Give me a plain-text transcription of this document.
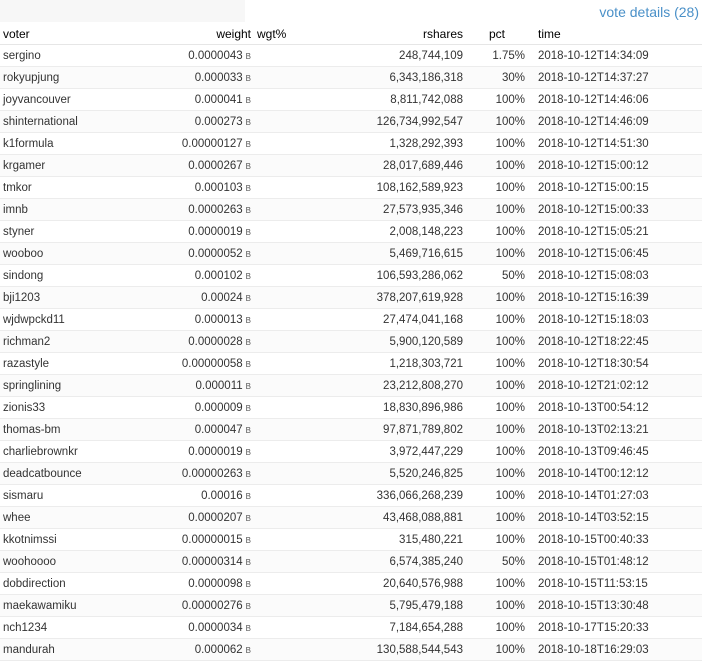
vote details (28)
voter	weight	wgt%	rshares	pct	time
sergino	0.0000043 B		248,744,109	1.75%	2018-10-12T14:34:09
rokyupjung	0.000033 B		6,343,186,318	30%	2018-10-12T14:37:27
joyvancouver	0.000041 B		8,811,742,088	100%	2018-10-12T14:46:06
shinternational	0.000273 B		126,734,992,547	100%	2018-10-12T14:46:09
k1formula	0.00000127 B		1,328,292,393	100%	2018-10-12T14:51:30
krgamer	0.0000267 B		28,017,689,446	100%	2018-10-12T15:00:12
tmkor	0.000103 B		108,162,589,923	100%	2018-10-12T15:00:15
imnb	0.0000263 B		27,573,935,346	100%	2018-10-12T15:00:33
styner	0.0000019 B		2,008,148,223	100%	2018-10-12T15:05:21
wooboo	0.0000052 B		5,469,716,615	100%	2018-10-12T15:06:45
sindong	0.000102 B		106,593,286,062	50%	2018-10-12T15:08:03
bji1203	0.00024 B		378,207,619,928	100%	2018-10-12T15:16:39
wjdwpckd11	0.000013 B		27,474,041,168	100%	2018-10-12T15:18:03
richman2	0.0000028 B		5,900,120,589	100%	2018-10-12T18:22:45
razastyle	0.00000058 B		1,218,303,721	100%	2018-10-12T18:30:54
springlining	0.000011 B		23,212,808,270	100%	2018-10-12T21:02:12
zionis33	0.000009 B		18,830,896,986	100%	2018-10-13T00:54:12
thomas-bm	0.000047 B		97,871,789,802	100%	2018-10-13T02:13:21
charliebrownkr	0.0000019 B		3,972,447,229	100%	2018-10-13T09:46:45
deadcatbounce	0.00000263 B		5,520,246,825	100%	2018-10-14T00:12:12
sismaru	0.00016 B		336,066,268,239	100%	2018-10-14T01:27:03
whee	0.0000207 B		43,468,088,881	100%	2018-10-14T03:52:15
kkotnimssi	0.00000015 B		315,480,221	100%	2018-10-15T00:40:33
woohoooo	0.00000314 B		6,574,385,240	50%	2018-10-15T01:48:12
dobdirection	0.0000098 B		20,640,576,988	100%	2018-10-15T11:53:15
maekawamiku	0.00000276 B		5,795,479,188	100%	2018-10-15T13:30:48
nch1234	0.0000034 B		7,184,654,288	100%	2018-10-17T15:20:33
mandurah	0.000062 B		130,588,544,543	100%	2018-10-18T16:29:03
